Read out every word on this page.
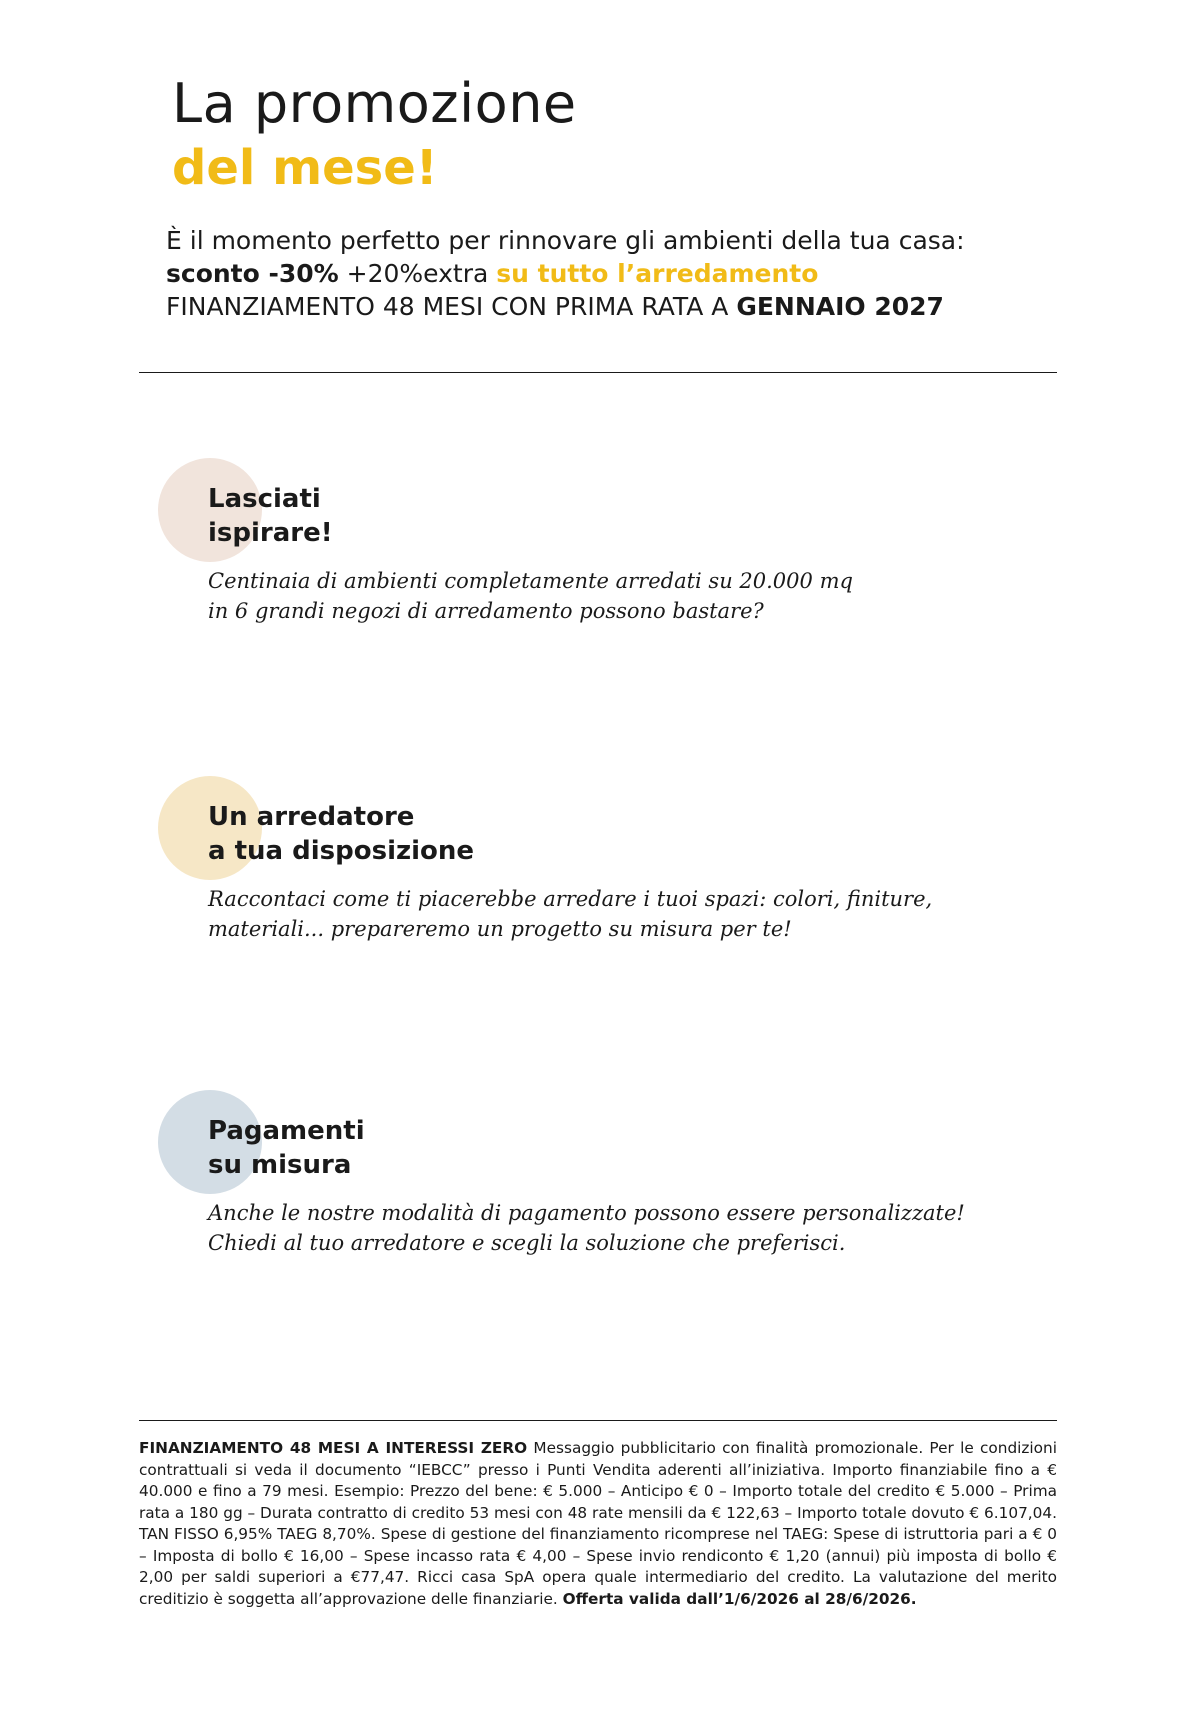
La promozione
del mese!
È il momento perfetto per rinnovare gli ambienti della tua casa:
sconto -30% +20%extra su tutto l’arredamento
FINANZIAMENTO 48 MESI CON PRIMA RATA A GENNAIO 2027
Lasciati
ispirare!
Centinaia di ambienti completamente arredati su 20.000 mq
in 6 grandi negozi di arredamento possono bastare?
Un arredatore
a tua disposizione
Raccontaci come ti piacerebbe arredare i tuoi spazi: colori, finiture,
materiali... prepareremo un progetto su misura per te!
Pagamenti
su misura
Anche le nostre modalità di pagamento possono essere personalizzate!
Chiedi al tuo arredatore e scegli la soluzione che preferisci.
FINANZIAMENTO 48 MESI A INTERESSI ZERO Messaggio pubblicitario con finalità promozionale. Per le condizioni contrattuali si veda il documento “IEBCC” presso i Punti Vendita aderenti all’iniziativa. Importo finanziabile fino a € 40.000 e fino a 79 mesi. Esempio: Prezzo del bene: € 5.000 – Anticipo € 0 – Importo totale del credito € 5.000 – Prima rata a 180 gg – Durata contratto di credito 53 mesi con 48 rate mensili da € 122,63 – Importo totale dovuto € 6.107,04. TAN FISSO 6,95% TAEG 8,70%. Spese di gestione del finanziamento ricomprese nel TAEG: Spese di istruttoria pari a € 0 – Imposta di bollo € 16,00 – Spese incasso rata € 4,00 – Spese invio rendiconto € 1,20 (annui) più imposta di bollo € 2,00 per saldi superiori a €77,47. Ricci casa SpA opera quale intermediario del credito. La valutazione del merito creditizio è soggetta all’approvazione delle finanziarie. Offerta valida dall’1/6/2026 al 28/6/2026.
